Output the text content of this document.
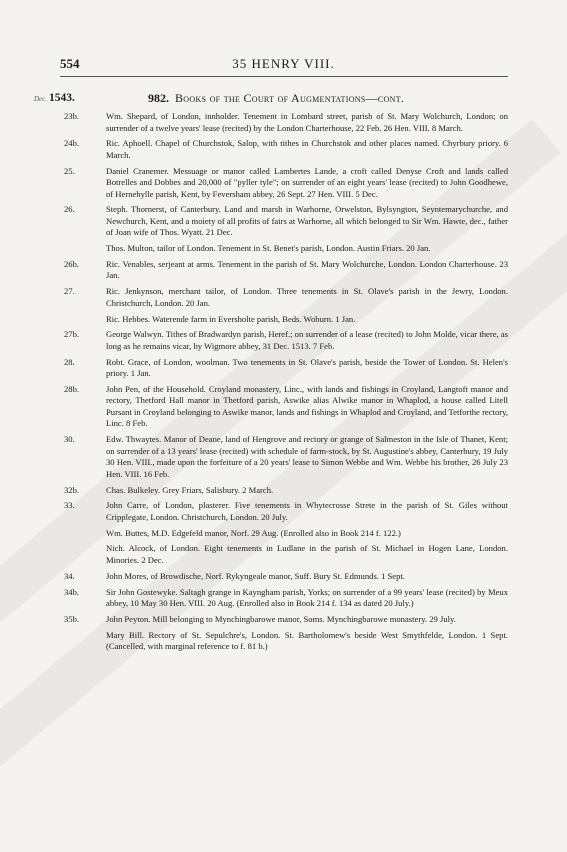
554	35 HENRY VIII.
Dec. 1543.	982. Books of the Court of Augmentations—cont.
23b.	Wm. Shepard, of London, innholder. Tenement in Lombard street, parish of St. Mary Wolchurch, London; on surrender of a twelve years' lease (recited) by the London Charterhouse, 22 Feb. 26 Hen. VIII. 8 March.
24b.	Ric. Aphoell. Chapel of Churchstok, Salop, with tithes in Churchstok and other places named. Chyrbury priory. 6 March.
25.	Daniel Cranemer. Messuage or manor called Lambertes Lande, a croft called Denyse Croft and lands called Botrelles and Dobbes and 20,000 of "pyller tyle"; on surrender of an eight years' lease (recited) to John Goodhewe, of Hernehylle parish, Kent, by Feversham abbey, 26 Sept. 27 Hen. VIII. 5 Dec.
26.	Steph. Thornerst, of Canterbury. Land and marsh in Warhorne, Orwelston, Bylsyngton, Seyntemarychurche, and Newchurch, Kent, and a moiety of all profits of fairs at Warhorne, all which belonged to Sir Wm. Hawte, dec., father of Joan wife of Thos. Wyatt. 21 Dec.
Thos. Multon, tailor of London. Tenement in St. Benet's parish, London. Austin Friars. 20 Jan.
26b.	Ric. Venables, serjeant at arms. Tenement in the parish of St. Mary Wolchurche, London. London Charterhouse. 23 Jan.
27.	Ric. Jenkynson, merchant tailor, of London. Three tenements in St. Olave's parish in the Jewry, London. Christchurch, London. 20 Jan.
Ric. Hebbes. Waterende farm in Eversholte parish, Beds. Woburn. 1 Jan.
27b.	George Walwyn. Tithes of Bradwardyn parish, Heref.; on surrender of a lease (recited) to John Molde, vicar there, as long as he remains vicar, by Wigmore abbey, 31 Dec. 1513. 7 Feb.
28.	Robt. Grace, of London, woolman. Two tenements in St. Olave's parish, beside the Tower of London. St. Helen's priory. 1 Jan.
28b.	John Pen, of the Household. Croyland monastery, Linc., with lands and fishings in Croyland, Langtoft manor and rectory, Thetford Hall manor in Thetford parish, Aswike alias Alwike manor in Whaplod, a house called Litell Pursant in Croyland belonging to Aswike manor, lands and fishings in Whaplod and Croyland, and Tetforthe rectory, Linc. 8 Feb.
30.	Edw. Thwaytes. Manor of Deane, land of Hengrove and rectory or grange of Salmeston in the Isle of Thanet, Kent; on surrender of a 13 years' lease (recited) with schedule of farm-stock, by St. Augustine's abbey, Canterbury, 19 July 30 Hen. VIII., made upon the forfeiture of a 20 years' lease to Simon Webbe and Wm. Webbe his brother, 26 July 23 Hen. VIII. 16 Feb.
32b.	Chas. Bulkeley. Grey Friars, Salisbury. 2 March.
33.	John Carre, of London, plasterer. Five tenements in Whytecrosse Strete in the parish of St. Giles without Cripplegate, London. Christchurch, London. 20 July.
Wm. Buttes, M.D. Edgefeld manor, Norf. 29 Aug. (Enrolled also in Book 214 f. 122.)
Nich. Alcock, of London. Eight tenements in Ludlane in the parish of St. Michael in Hogen Lane, London. Minories. 2 Dec.
34.	John Mores, of Browdische, Norf. Rykyngeale manor, Suff. Bury St. Edmunds. 1 Sept.
34b.	Sir John Gostewyke. Saltagh grange in Kayngham parish, Yorks; on surrender of a 99 years' lease (recited) by Meux abbey, 10 May 30 Hen. VIII. 20 Aug. (Enrolled also in Book 214 f. 134 as dated 20 July.)
35b.	John Peyton. Mill belonging to Mynchingbarowe manor, Soms. Mynchingbarowe monastery. 29 July.
Mary Bill. Rectory of St. Sepulchre's, London. St. Bartholomew's beside West Smythfelde, London. 1 Sept. (Cancelled, with marginal reference to f. 81 b.)
